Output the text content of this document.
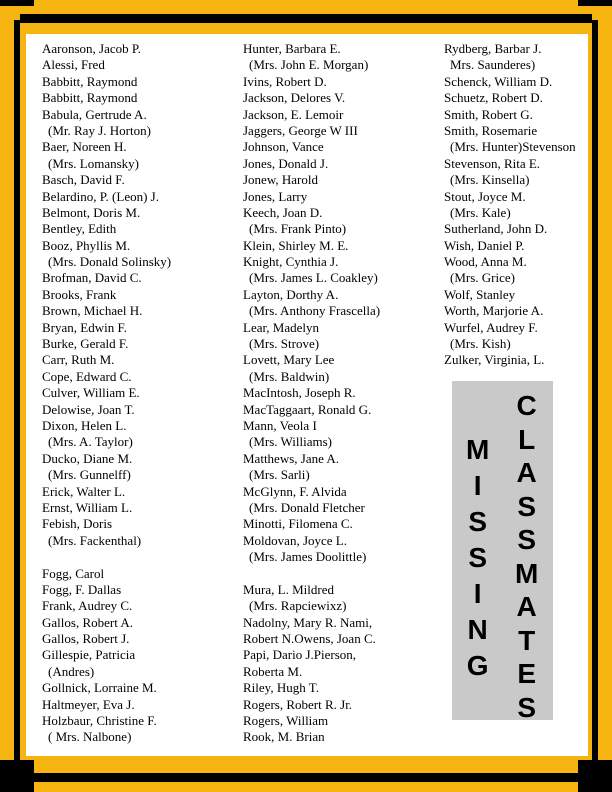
Aaronson, Jacob P.
Alessi, Fred
Babbitt, Raymond
Babbitt, Raymond
Babula, Gertrude A.
(Mr. Ray J. Horton)
Baer, Noreen H.
(Mrs. Lomansky)
Basch, David F.
Belardino, P. (Leon) J.
Belmont, Doris M.
Bentley, Edith
Booz, Phyllis M.
(Mrs. Donald Solinsky)
Brofman, David C.
Brooks, Frank
Brown, Michael H.
Bryan, Edwin F.
Burke, Gerald F.
Carr, Ruth M.
Cope, Edward C.
Culver, William E.
Delowise, Joan T.
Dixon, Helen L.
(Mrs. A. Taylor)
Ducko, Diane M.
(Mrs. Gunnelff)
Erick, Walter L.
Ernst, William L.
Febish, Doris
(Mrs. Fackenthal)
Fogg, Carol
Fogg, F. Dallas
Frank, Audrey C.
Gallos, Robert A.
Gallos, Robert J.
Gillespie, Patricia
(Andres)
Gollnick, Lorraine M.
Haltmeyer, Eva J.
Holzbaur, Christine F.
( Mrs. Nalbone)
Hunter, Barbara E.
(Mrs. John E. Morgan)
Ivins, Robert D.
Jackson, Delores V.
Jackson, E. Lemoir
Jaggers, George W III
Johnson, Vance
Jones, Donald J.
Jonew, Harold
Jones, Larry
Keech, Joan D.
(Mrs. Frank Pinto)
Klein, Shirley M. E.
Knight, Cynthia J.
(Mrs. James L. Coakley)
Layton, Dorthy A.
(Mrs. Anthony Frascella)
Lear, Madelyn
(Mrs. Strove)
Lovett, Mary Lee
(Mrs. Baldwin)
MacIntosh, Joseph R.
MacTaggaart, Ronald G.
Mann, Veola I
(Mrs. Williams)
Matthews, Jane A.
(Mrs. Sarli)
McGlynn, F. Alvida
(Mrs. Donald Fletcher
Minotti, Filomena C.
Moldovan, Joyce L.
(Mrs. James Doolittle)
Mura, L. Mildred
(Mrs. Rapciewixz)
Nadolny, Mary R. Nami,
Robert N.Owens, Joan C.
Papi, Dario J.Pierson,
Roberta M.
Riley, Hugh T.
Rogers, Robert R. Jr.
Rogers, William
Rook, M. Brian
Rydberg, Barbar J.
Mrs. Saunderes)
Schenck, William D.
Schuetz, Robert D.
Smith, Robert G.
Smith, Rosemarie
(Mrs. Hunter)Stevenson
Stevenson, Rita E.
(Mrs. Kinsella)
Stout, Joyce M.
(Mrs. Kale)
Sutherland, John D.
Wish, Daniel P.
Wood, Anna M.
(Mrs. Grice)
Wolf, Stanley
Worth, Marjorie A.
Wurfel, Audrey F.
(Mrs. Kish)
Zulker, Virginia, L.
M
I
S
S
I
N
G
C
L
A
S
S
M
A
T
E
S
